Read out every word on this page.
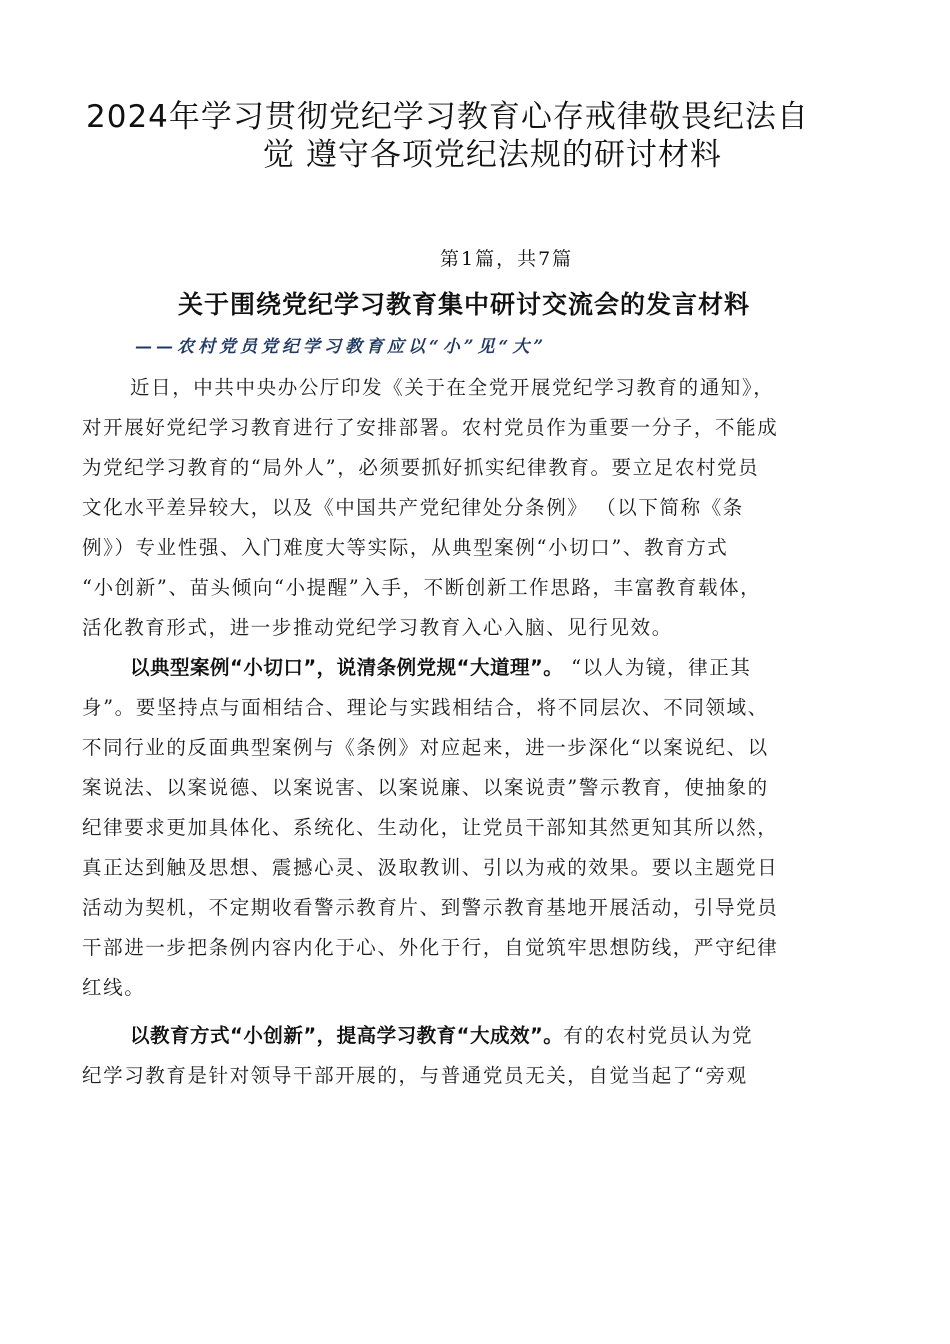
2024年学习贯彻党纪学习教育心存戒律敬畏纪法自
觉 遵守各项党纪法规的研讨材料
第1篇，共7篇
关于围绕党纪学习教育集中研讨交流会的发言材料
——农村党员党纪学习教育应以“小”见“大”
近日，中共中央办公厅印发《关于在全党开展党纪学习教育的通知》，
对开展好党纪学习教育进行了安排部署。农村党员作为重要一分子，不能成
为党纪学习教育的“局外人”，必须要抓好抓实纪律教育。要立足农村党员
文化水平差异较大，以及《中国共产党纪律处分条例》 （以下简称《条
例》）专业性强、入门难度大等实际，从典型案例“小切口”、教育方式
“小创新”、苗头倾向“小提醒”入手，不断创新工作思路，丰富教育载体，
活化教育形式，进一步推动党纪学习教育入心入脑、见行见效。
以典型案例“小切口”，说清条例党规“大道理”。 “以人为镜，律正其
身”。要坚持点与面相结合、理论与实践相结合，将不同层次、不同领域、
不同行业的反面典型案例与《条例》对应起来，进一步深化“以案说纪、以
案说法、以案说德、以案说害、以案说廉、以案说责”警示教育，使抽象的
纪律要求更加具体化、系统化、生动化，让党员干部知其然更知其所以然，
真正达到触及思想、震撼心灵、汲取教训、引以为戒的效果。要以主题党日
活动为契机，不定期收看警示教育片、到警示教育基地开展活动，引导党员
干部进一步把条例内容内化于心、外化于行，自觉筑牢思想防线，严守纪律
红线。
以教育方式“小创新”，提高学习教育“大成效”。有的农村党员认为党
纪学习教育是针对领导干部开展的，与普通党员无关，自觉当起了“旁观
